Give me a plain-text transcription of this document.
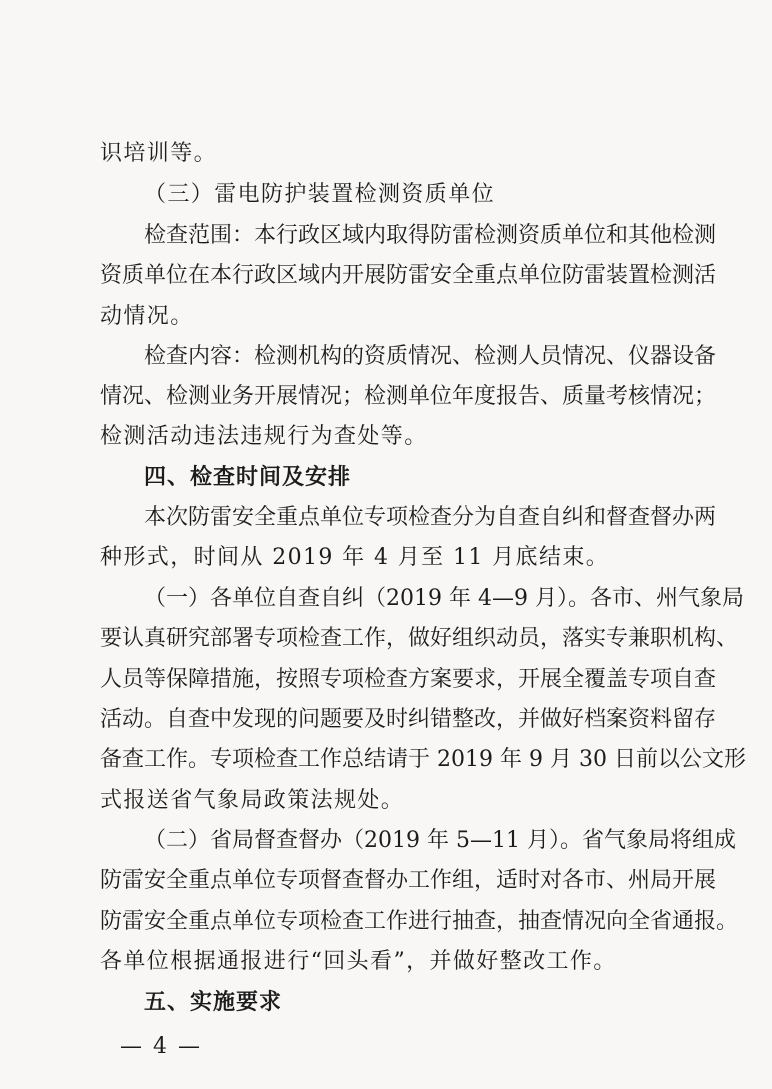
识培训等。
（三）雷电防护装置检测资质单位
检查范围：本行政区域内取得防雷检测资质单位和其他检测
资质单位在本行政区域内开展防雷安全重点单位防雷装置检测活
动情况。
检查内容：检测机构的资质情况、检测人员情况、仪器设备
情况、检测业务开展情况；检测单位年度报告、质量考核情况；
检测活动违法违规行为查处等。
四、检查时间及安排
本次防雷安全重点单位专项检查分为自查自纠和督查督办两
种形式，时间从 2019 年 4 月至 11 月底结束。
（一）各单位自查自纠（2019 年 4—9 月）。各市、州气象局
要认真研究部署专项检查工作，做好组织动员，落实专兼职机构、
人员等保障措施，按照专项检查方案要求，开展全覆盖专项自查
活动。自查中发现的问题要及时纠错整改，并做好档案资料留存
备查工作。专项检查工作总结请于 2019 年 9 月 30 日前以公文形
式报送省气象局政策法规处。
（二）省局督查督办（2019 年 5—11 月）。省气象局将组成
防雷安全重点单位专项督查督办工作组，适时对各市、州局开展
防雷安全重点单位专项检查工作进行抽查，抽查情况向全省通报。
各单位根据通报进行“回头看”，并做好整改工作。
五、实施要求
— 4 —
